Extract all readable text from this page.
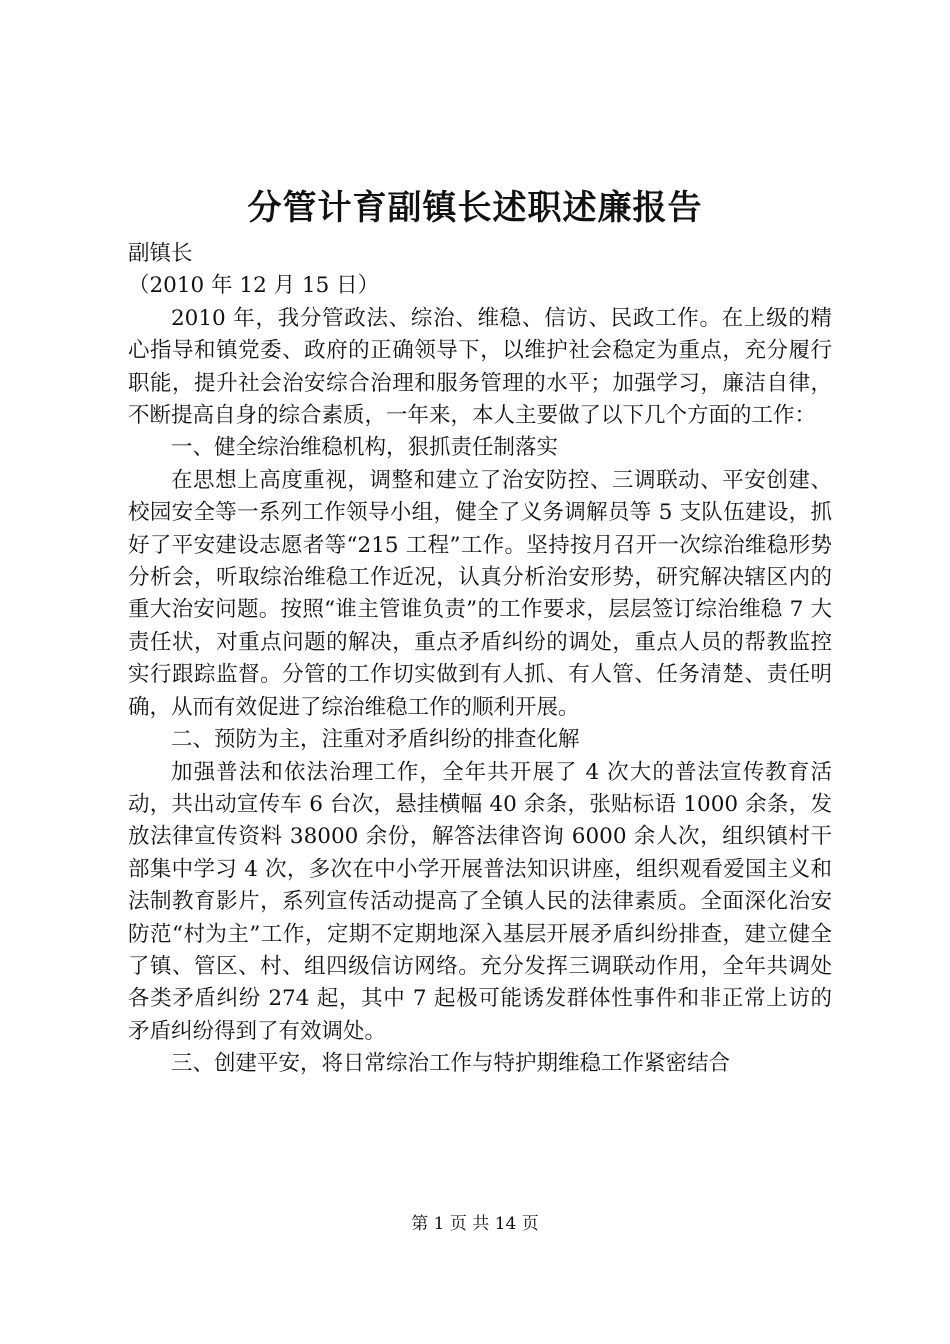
分管计育副镇长述职述廉报告

副镇长

（2010 年 12 月 15 日）

2010 年，我分管政法、综治、维稳、信访、民政工作。在上级的精心指导和镇党委、政府的正确领导下，以维护社会稳定为重点，充分履行职能，提升社会治安综合治理和服务管理的水平；加强学习，廉洁自律，不断提高自身的综合素质，一年来，本人主要做了以下几个方面的工作：

一、健全综治维稳机构，狠抓责任制落实

在思想上高度重视，调整和建立了治安防控、三调联动、平安创建、校园安全等一系列工作领导小组，健全了义务调解员等 5 支队伍建设，抓好了平安建设志愿者等“215 工程”工作。坚持按月召开一次综治维稳形势分析会，听取综治维稳工作近况，认真分析治安形势，研究解决辖区内的重大治安问题。按照“谁主管谁负责”的工作要求，层层签订综治维稳 7 大责任状，对重点问题的解决，重点矛盾纠纷的调处，重点人员的帮教监控实行跟踪监督。分管的工作切实做到有人抓、有人管、任务清楚、责任明确，从而有效促进了综治维稳工作的顺利开展。

二、预防为主，注重对矛盾纠纷的排查化解

加强普法和依法治理工作，全年共开展了 4 次大的普法宣传教育活动，共出动宣传车 6 台次，悬挂横幅 40 余条，张贴标语 1000 余条，发放法律宣传资料 38000 余份，解答法律咨询 6000 余人次，组织镇村干部集中学习 4 次，多次在中小学开展普法知识讲座，组织观看爱国主义和法制教育影片，系列宣传活动提高了全镇人民的法律素质。全面深化治安防范“村为主”工作，定期不定期地深入基层开展矛盾纠纷排查，建立健全了镇、管区、村、组四级信访网络。充分发挥三调联动作用，全年共调处各类矛盾纠纷 274 起，其中 7 起极可能诱发群体性事件和非正常上访的矛盾纠纷得到了有效调处。

三、创建平安，将日常综治工作与特护期维稳工作紧密结合

第 1 页 共 14 页
